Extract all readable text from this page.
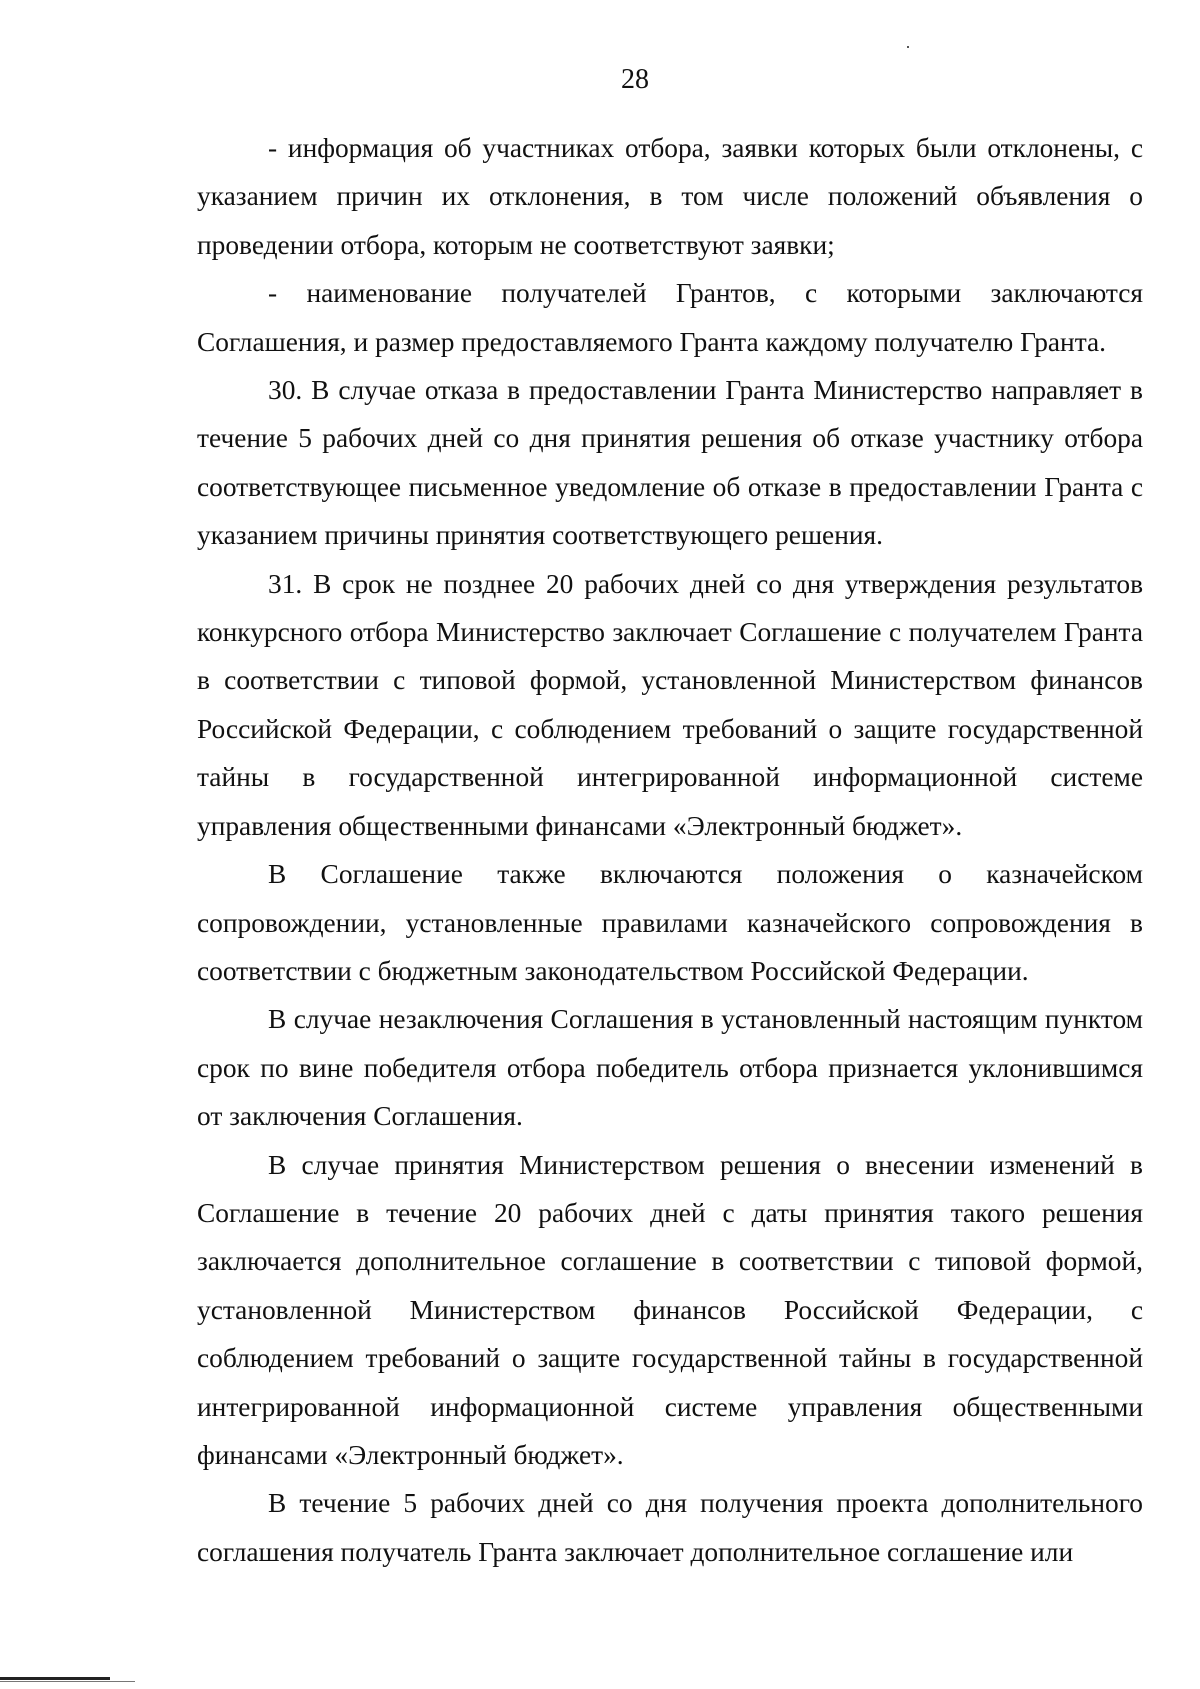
28

- информация об участниках отбора, заявки которых были отклонены, с указанием причин их отклонения, в том числе положений объявления о проведении отбора, которым не соответствуют заявки;

- наименование получателей Грантов, с которыми заключаются Соглашения, и размер предоставляемого Гранта каждому получателю Гранта.

30. В случае отказа в предоставлении Гранта Министерство направляет в течение 5 рабочих дней со дня принятия решения об отказе участнику отбора соответствующее письменное уведомление об отказе в предоставлении Гранта с указанием причины принятия соответствующего решения.

31. В срок не позднее 20 рабочих дней со дня утверждения результатов конкурсного отбора Министерство заключает Соглашение с получателем Гранта в соответствии с типовой формой, установленной Министерством финансов Российской Федерации, с соблюдением требований о защите государственной тайны в государственной интегрированной информационной системе управления общественными финансами «Электронный бюджет».

В Соглашение также включаются положения о казначейском сопровождении, установленные правилами казначейского сопровождения в соответствии с бюджетным законодательством Российской Федерации.

В случае незаключения Соглашения в установленный настоящим пунктом срок по вине победителя отбора победитель отбора признается уклонившимся от заключения Соглашения.

В случае принятия Министерством решения о внесении изменений в Соглашение в течение 20 рабочих дней с даты принятия такого решения заключается дополнительное соглашение в соответствии с типовой формой, установленной Министерством финансов Российской Федерации, с соблюдением требований о защите государственной тайны в государственной интегрированной информационной системе управления общественными финансами «Электронный бюджет».

В течение 5 рабочих дней со дня получения проекта дополнительного соглашения получатель Гранта заключает дополнительное соглашение или
